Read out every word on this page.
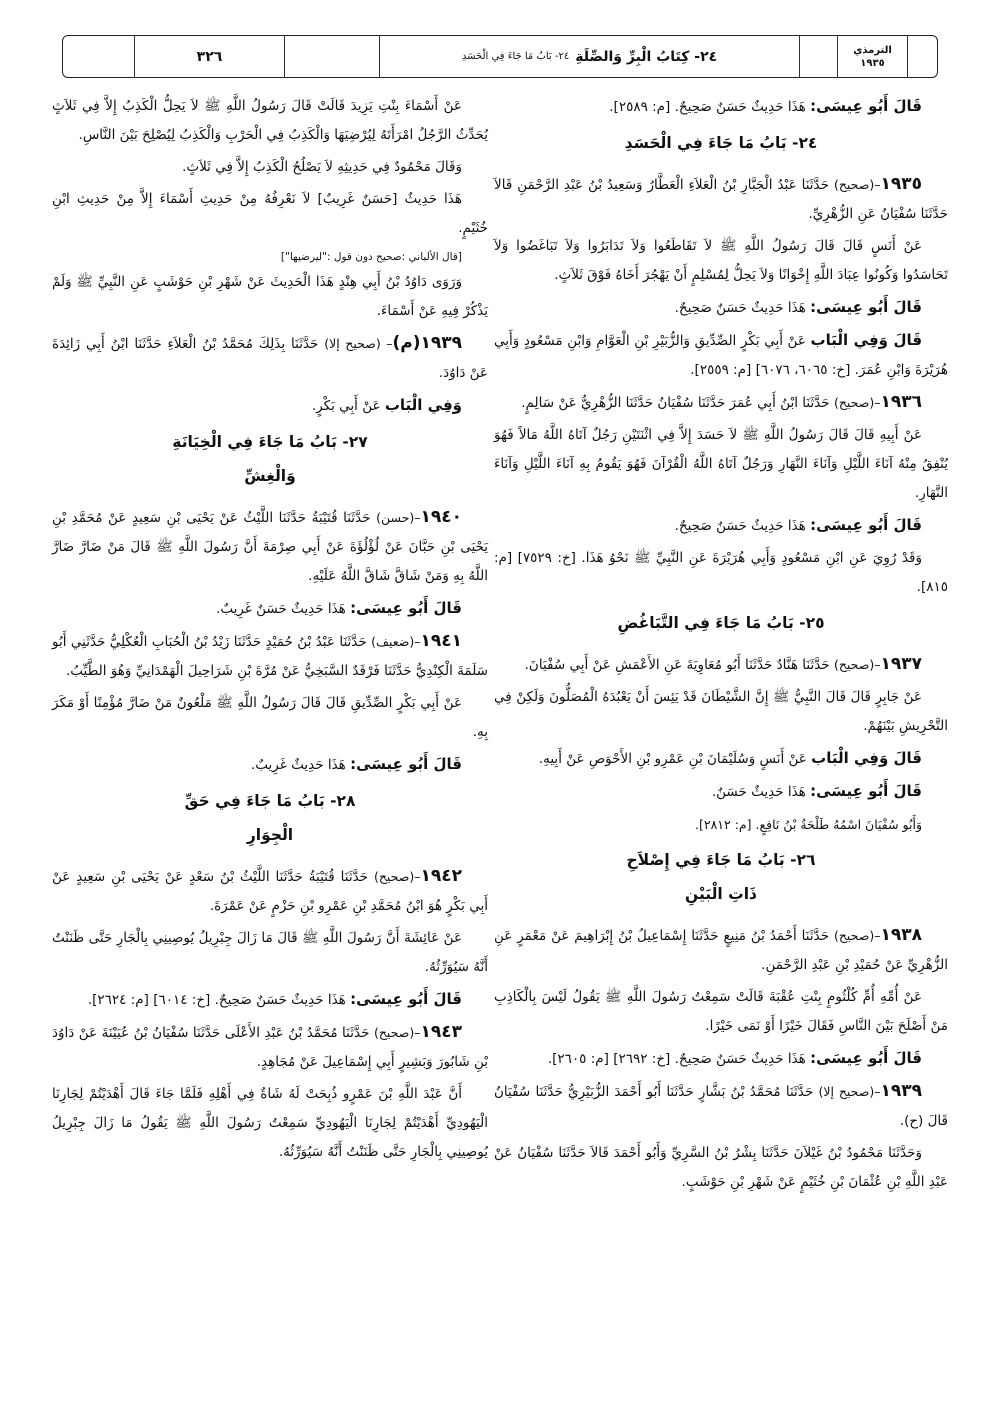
الترمذي
١٩٣٥
٢٤- كِتَابُ الْبِرِّ وَالصِّلَةِ
٢٤- بَابُ مَا جَاءَ فِي الْحَسَدِ
٣٢٦

قَالَ أَبُو عِيسَى: هَذَا حَدِيثٌ حَسَنٌ صَحِيحٌ. [م: ٢٥٨٩].

٢٤- بَابُ مَا جَاءَ فِي الْحَسَدِ

١٩٣٥–(صحيح) حَدَّثَنَا عَبْدُ الْجَبَّارِ بْنُ الْعَلاَءِ الْعَطَّارُ وَسَعِيدُ بْنُ عَبْدِ الرَّحْمَنِ قَالاَ حَدَّثَنَا سُفْيَانُ عَنِ الزُّهْرِيِّ.

عَنْ أَنَسٍ قَالَ قَالَ رَسُولُ اللَّهِ ﷺ لاَ تَقَاطَعُوا وَلاَ تَدَابَرُوا وَلاَ تَبَاغَضُوا وَلاَ تَحَاسَدُوا وَكُونُوا عِبَادَ اللَّهِ إِخْوَانًا وَلاَ يَحِلُّ لِمُسْلِمٍ أَنْ يَهْجُرَ أَخَاهُ فَوْقَ ثَلاَثٍ.

قَالَ أَبُو عِيسَى: هَذَا حَدِيثٌ حَسَنٌ صَحِيحٌ.

قَالَ وَفِي الْبَاب عَنْ أَبِي بَكْرٍ الصِّدِّيقِ وَالزُّبَيْرِ بْنِ الْعَوَّامِ وَابْنِ مَسْعُودٍ وَأَبِي هُرَيْرَةَ وَابْنِ عُمَرَ. [خ: ٦٠٦٥، ٦٠٧٦] [م: ٢٥٥٩].

١٩٣٦–(صحيح) حَدَّثَنَا ابْنُ أَبِي عُمَرَ حَدَّثَنَا سُفْيَانُ حَدَّثَنَا الزُّهْرِيُّ عَنْ سَالِمٍ.

عَنْ أَبِيهِ قَالَ قَالَ رَسُولُ اللَّهِ ﷺ لاَ حَسَدَ إِلاَّ فِي اثْنَتَيْنِ رَجُلٌ آتَاهُ اللَّهُ مَالاً فَهُوَ يُنْفِقُ مِنْهُ آنَاءَ اللَّيْلِ وَآنَاءَ النَّهَارِ وَرَجُلٌ آتَاهُ اللَّهُ الْقُرْآنَ فَهُوَ يَقُومُ بِهِ آنَاءَ اللَّيْلِ وَآنَاءَ النَّهَارِ.

قَالَ أَبُو عِيسَى: هَذَا حَدِيثٌ حَسَنٌ صَحِيحٌ.

وَقَدْ رُوِيَ عَنِ ابْنِ مَسْعُودٍ وَأَبِي هُرَيْرَةَ عَنِ النَّبِيِّ ﷺ نَحْوُ هَذَا. [خ: ٧٥٢٩] [م: ٨١٥].

٢٥- بَابُ مَا جَاءَ فِي التَّبَاغُضِ

١٩٣٧–(صحيح) حَدَّثَنَا هَنَّادٌ حَدَّثَنَا أَبُو مُعَاوِيَةَ عَنِ الأَعْمَشِ عَنْ أَبِي سُفْيَانَ.

عَنْ جَابِرٍ قَالَ قَالَ النَّبِيُّ ﷺ إِنَّ الشَّيْطَانَ قَدْ يَئِسَ أَنْ يَعْبُدَهُ الْمُصَلُّونَ وَلَكِنْ فِي التَّحْرِيشِ بَيْنَهُمْ.

قَالَ وَفِي الْبَاب عَنْ أَنَسٍ وَسُلَيْمَانَ بْنِ عَمْرِو بْنِ الأَحْوَصِ عَنْ أَبِيهِ.

قَالَ أَبُو عِيسَى: هَذَا حَدِيثٌ حَسَنٌ.

وَأَبُو سُفْيَانَ اسْمُهُ طَلْحَةُ بْنُ نَافِعٍ. [م: ٢٨١٢].

٢٦- بَابُ مَا جَاءَ فِي إِصْلاَحِ
ذَاتِ الْبَيْنِ

١٩٣٨–(صحيح) حَدَّثَنَا أَحْمَدُ بْنُ مَنِيعٍ حَدَّثَنَا إِسْمَاعِيلُ بْنُ إِبْرَاهِيمَ عَنْ مَعْمَرٍ عَنِ الزُّهْرِيِّ عَنْ حُمَيْدِ بْنِ عَبْدِ الرَّحْمَنِ.

عَنْ أُمِّهِ أُمِّ كُلْثُومٍ بِنْتِ عُقْبَةَ قَالَتْ سَمِعْتُ رَسُولَ اللَّهِ ﷺ يَقُولُ لَيْسَ بِالْكَاذِبِ مَنْ أَصْلَحَ بَيْنَ النَّاسِ فَقَالَ خَيْرًا أَوْ نَمَى خَيْرًا.

قَالَ أَبُو عِيسَى: هَذَا حَدِيثٌ حَسَنٌ صَحِيحٌ. [خ: ٢٦٩٢] [م: ٢٦٠٥].

١٩٣٩–(صحيح إلا) حَدَّثَنَا مُحَمَّدُ بْنُ بَشَّارٍ حَدَّثَنَا أَبُو أَحْمَدَ الزُّبَيْرِيُّ حَدَّثَنَا سُفْيَانُ قَالَ (ح).

وَحَدَّثَنَا مَحْمُودُ بْنُ غَيْلاَنَ حَدَّثَنَا بِشْرُ بْنُ السَّرِيِّ وَأَبُو أَحْمَدَ قَالاَ حَدَّثَنَا سُفْيَانُ عَنْ عَبْدِ اللَّهِ بْنِ عُثْمَانَ بْنِ خُثَيْمٍ عَنْ شَهْرِ بْنِ حَوْشَبٍ.

عَنْ أَسْمَاءَ بِنْتِ يَزِيدَ قَالَتْ قَالَ رَسُولُ اللَّهِ ﷺ لاَ يَحِلُّ الْكَذِبُ إِلاَّ فِي ثَلاَثٍ يُحَدِّثُ الرَّجُلُ امْرَأَتَهُ لِيُرْضِيَهَا وَالْكَذِبُ فِي الْحَرْبِ وَالْكَذِبُ لِيُصْلِحَ بَيْنَ النَّاسِ.

وَقَالَ مَحْمُودٌ فِي حَدِيثِهِ لاَ يَصْلُحُ الْكَذِبُ إِلاَّ فِي ثَلاَثٍ.

هَذَا حَدِيثٌ [حَسَنٌ غَرِيبٌ] لاَ نَعْرِفُهُ مِنْ حَدِيثِ أَسْمَاءَ إِلاَّ مِنْ حَدِيثِ ابْنِ خُثَيْمٍ.

[قال الألباني :صحيح دون قول :"ليرضيها"]

وَرَوَى دَاوُدُ بْنُ أَبِي هِنْدٍ هَذَا الْحَدِيثَ عَنْ شَهْرِ بْنِ حَوْشَبٍ عَنِ النَّبِيِّ ﷺ وَلَمْ يَذْكُرْ فِيهِ عَنْ أَسْمَاءَ.

١٩٣٩(م)– (صحيح إلا) حَدَّثَنَا بِذَلِكَ مُحَمَّدُ بْنُ الْعَلاَءِ حَدَّثَنَا ابْنُ أَبِي زَائِدَةَ عَنْ دَاوُدَ.

وَفِي الْبَاب عَنْ أَبِي بَكْرٍ.

٢٧- بَابُ مَا جَاءَ فِي الْخِيَانَةِ
وَالْغِشِّ

١٩٤٠–(حسن) حَدَّثَنَا قُتَيْبَةُ حَدَّثَنَا اللَّيْثُ عَنْ يَحْيَى بْنِ سَعِيدٍ عَنْ مُحَمَّدِ بْنِ يَحْيَى بْنِ حَبَّانَ عَنْ لُؤْلُؤَةَ عَنْ أَبِي صِرْمَةَ أَنَّ رَسُولَ اللَّهِ ﷺ قَالَ مَنْ ضَارَّ ضَارَّ اللَّهُ بِهِ وَمَنْ شَاقَّ شَاقَّ اللَّهُ عَلَيْهِ.

قَالَ أَبُو عِيسَى: هَذَا حَدِيثٌ حَسَنٌ غَرِيبٌ.

١٩٤١–(ضعيف) حَدَّثَنَا عَبْدُ بْنُ حُمَيْدٍ حَدَّثَنَا زَيْدُ بْنُ الْحُبَابِ الْعُكْلِيُّ حَدَّثَنِي أَبُو سَلَمَةَ الْكِنْدِيُّ حَدَّثَنَا فَرْقَدٌ السَّبَخِيُّ عَنْ مُرَّةَ بْنِ شَرَاحِيلَ الْهَمْدَانِيِّ وَهُوَ الطَّيِّبُ.

عَنْ أَبِي بَكْرٍ الصِّدِّيقِ قَالَ قَالَ رَسُولُ اللَّهِ ﷺ مَلْعُونٌ مَنْ ضَارَّ مُؤْمِنًا أَوْ مَكَرَ بِهِ.

قَالَ أَبُو عِيسَى: هَذَا حَدِيثٌ غَرِيبٌ.

٢٨- بَابُ مَا جَاءَ فِي حَقِّ
الْجِوَارِ

١٩٤٢–(صحيح) حَدَّثَنَا قُتَيْبَةُ حَدَّثَنَا اللَّيْثُ بْنُ سَعْدٍ عَنْ يَحْيَى بْنِ سَعِيدٍ عَنْ أَبِي بَكْرٍ هُوَ ابْنُ مُحَمَّدِ بْنِ عَمْرِو بْنِ حَزْمٍ عَنْ عَمْرَةَ.

عَنْ عَائِشَةَ أَنَّ رَسُولَ اللَّهِ ﷺ قَالَ مَا زَالَ جِبْرِيلُ يُوصِينِي بِالْجَارِ حَتَّى ظَنَنْتُ أَنَّهُ سَيُوَرِّثُهُ.

قَالَ أَبُو عِيسَى: هَذَا حَدِيثٌ حَسَنٌ صَحِيحٌ. [خ: ٦٠١٤] [م: ٢٦٢٤].

١٩٤٣–(صحيح) حَدَّثَنَا مُحَمَّدُ بْنُ عَبْدِ الأَعْلَى حَدَّثَنَا سُفْيَانُ بْنُ عُيَيْنَةَ عَنْ دَاوُدَ بْنِ شَابُورَ وَبَشِيرٍ أَبِي إِسْمَاعِيلَ عَنْ مُجَاهِدٍ.

أَنَّ عَبْدَ اللَّهِ بْنَ عَمْرٍو ذُبِحَتْ لَهُ شَاةٌ فِي أَهْلِهِ فَلَمَّا جَاءَ قَالَ أَهْدَيْتُمْ لِجَارِنَا الْيَهُودِيِّ أَهْدَيْتُمْ لِجَارِنَا الْيَهُودِيِّ سَمِعْتُ رَسُولَ اللَّهِ ﷺ يَقُولُ مَا زَالَ جِبْرِيلُ يُوصِينِي بِالْجَارِ حَتَّى ظَنَنْتُ أَنَّهُ سَيُوَرِّثُهُ.
